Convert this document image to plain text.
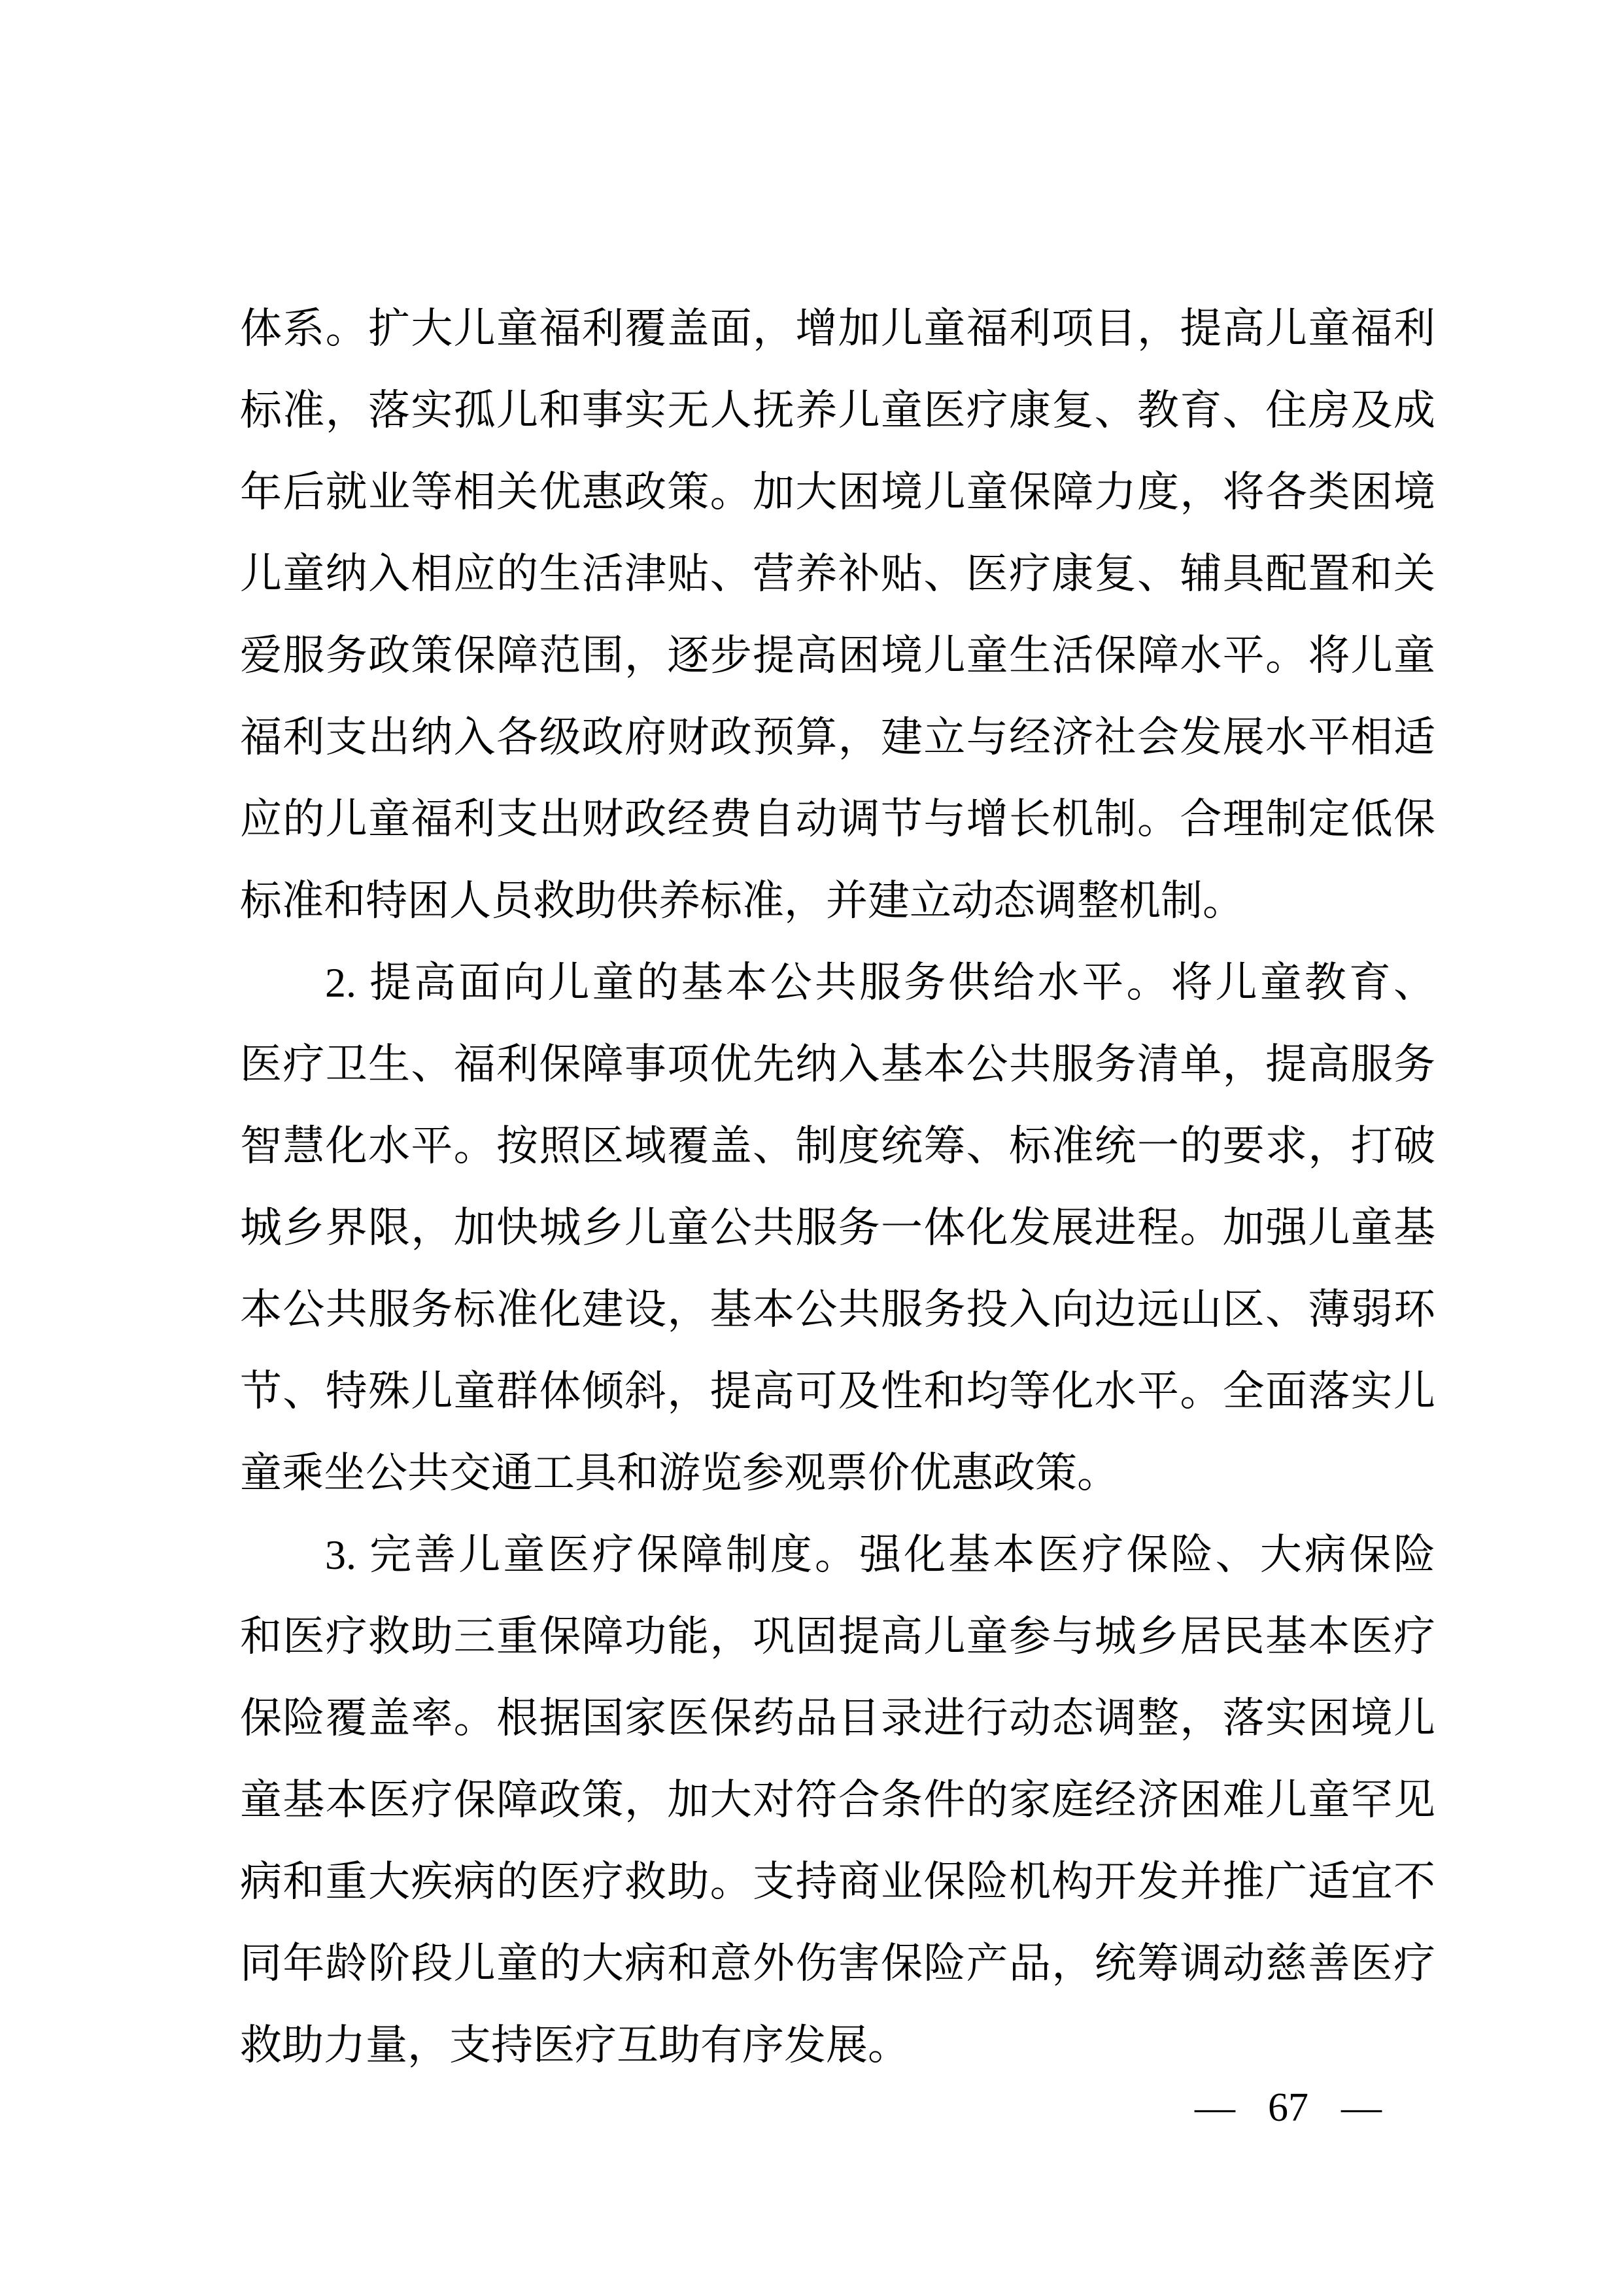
体系。扩大儿童福利覆盖面，增加儿童福利项目，提高儿童福利
标准，落实孤儿和事实无人抚养儿童医疗康复、教育、住房及成
年后就业等相关优惠政策。加大困境儿童保障力度，将各类困境
儿童纳入相应的生活津贴、营养补贴、医疗康复、辅具配置和关
爱服务政策保障范围，逐步提高困境儿童生活保障水平。将儿童
福利支出纳入各级政府财政预算，建立与经济社会发展水平相适
应的儿童福利支出财政经费自动调节与增长机制。合理制定低保
标准和特困人员救助供养标准，并建立动态调整机制。
2. 提高面向儿童的基本公共服务供给水平。将儿童教育、
医疗卫生、福利保障事项优先纳入基本公共服务清单，提高服务
智慧化水平。按照区域覆盖、制度统筹、标准统一的要求，打破
城乡界限，加快城乡儿童公共服务一体化发展进程。加强儿童基
本公共服务标准化建设，基本公共服务投入向边远山区、薄弱环
节、特殊儿童群体倾斜，提高可及性和均等化水平。全面落实儿
童乘坐公共交通工具和游览参观票价优惠政策。
3. 完善儿童医疗保障制度。强化基本医疗保险、大病保险
和医疗救助三重保障功能，巩固提高儿童参与城乡居民基本医疗
保险覆盖率。根据国家医保药品目录进行动态调整，落实困境儿
童基本医疗保障政策，加大对符合条件的家庭经济困难儿童罕见
病和重大疾病的医疗救助。支持商业保险机构开发并推广适宜不
同年龄阶段儿童的大病和意外伤害保险产品，统筹调动慈善医疗
救助力量，支持医疗互助有序发展。
— 67 —
